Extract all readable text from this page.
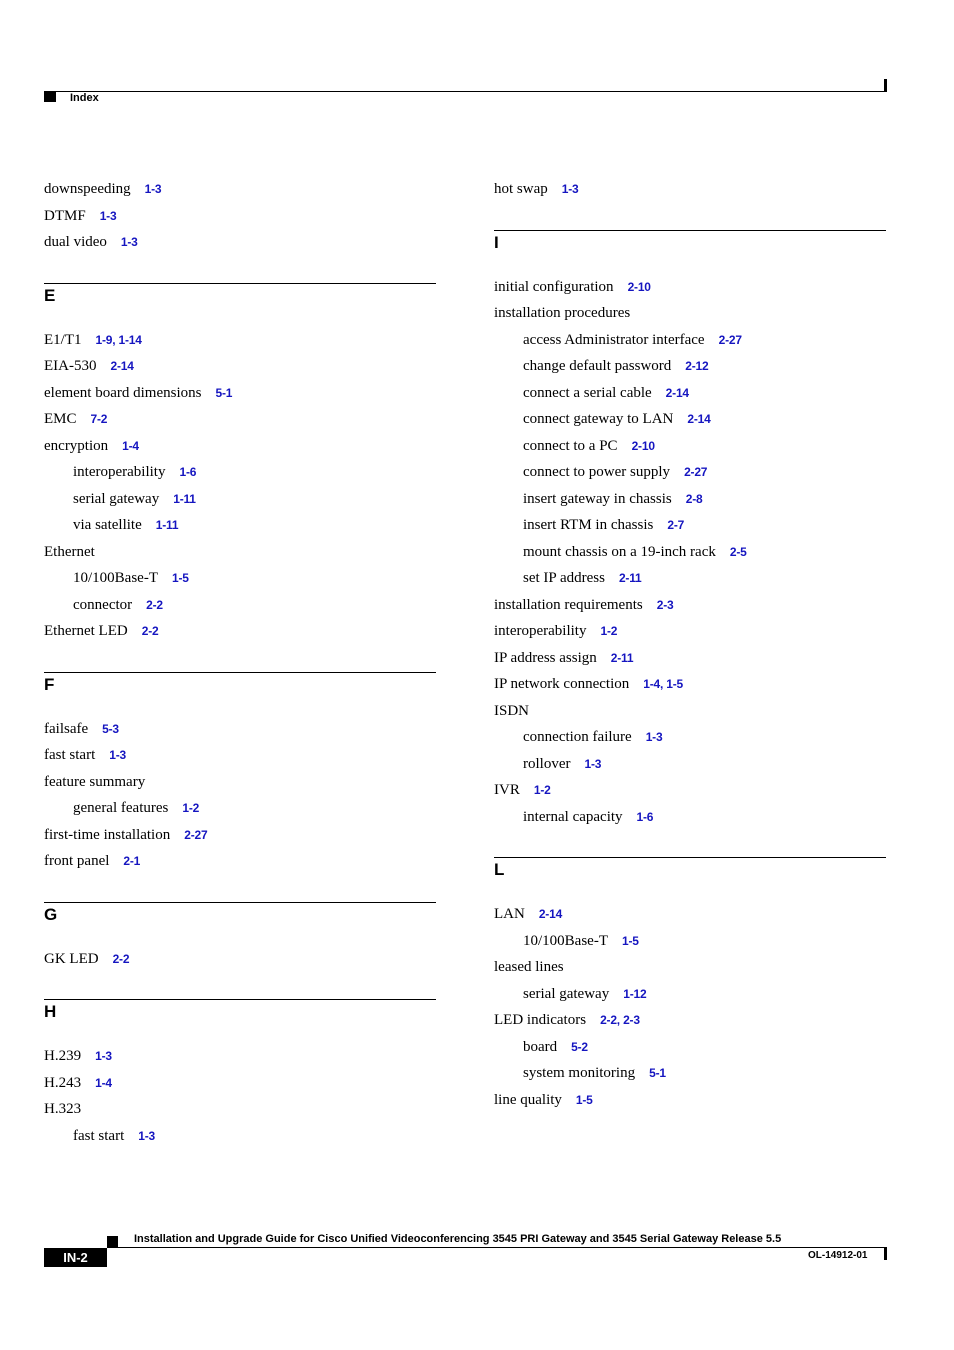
Index
downspeeding 1-3
DTMF 1-3
dual video 1-3
E
E1/T1 1-9, 1-14
EIA-530 2-14
element board dimensions 5-1
EMC 7-2
encryption 1-4
interoperability 1-6
serial gateway 1-11
via satellite 1-11
Ethernet
10/100Base-T 1-5
connector 2-2
Ethernet LED 2-2
F
failsafe 5-3
fast start 1-3
feature summary
general features 1-2
first-time installation 2-27
front panel 2-1
G
GK LED 2-2
H
H.239 1-3
H.243 1-4
H.323
fast start 1-3
hot swap 1-3
I
initial configuration 2-10
installation procedures
access Administrator interface 2-27
change default password 2-12
connect a serial cable 2-14
connect gateway to LAN 2-14
connect to a PC 2-10
connect to power supply 2-27
insert gateway in chassis 2-8
insert RTM in chassis 2-7
mount chassis on a 19-inch rack 2-5
set IP address 2-11
installation requirements 2-3
interoperability 1-2
IP address assign 2-11
IP network connection 1-4, 1-5
ISDN
connection failure 1-3
rollover 1-3
IVR 1-2
internal capacity 1-6
L
LAN 2-14
10/100Base-T 1-5
leased lines
serial gateway 1-12
LED indicators 2-2, 2-3
board 5-2
system monitoring 5-1
line quality 1-5
Installation and Upgrade Guide for Cisco Unified Videoconferencing 3545 PRI Gateway and 3545 Serial Gateway Release 5.5
IN-2	OL-14912-01
